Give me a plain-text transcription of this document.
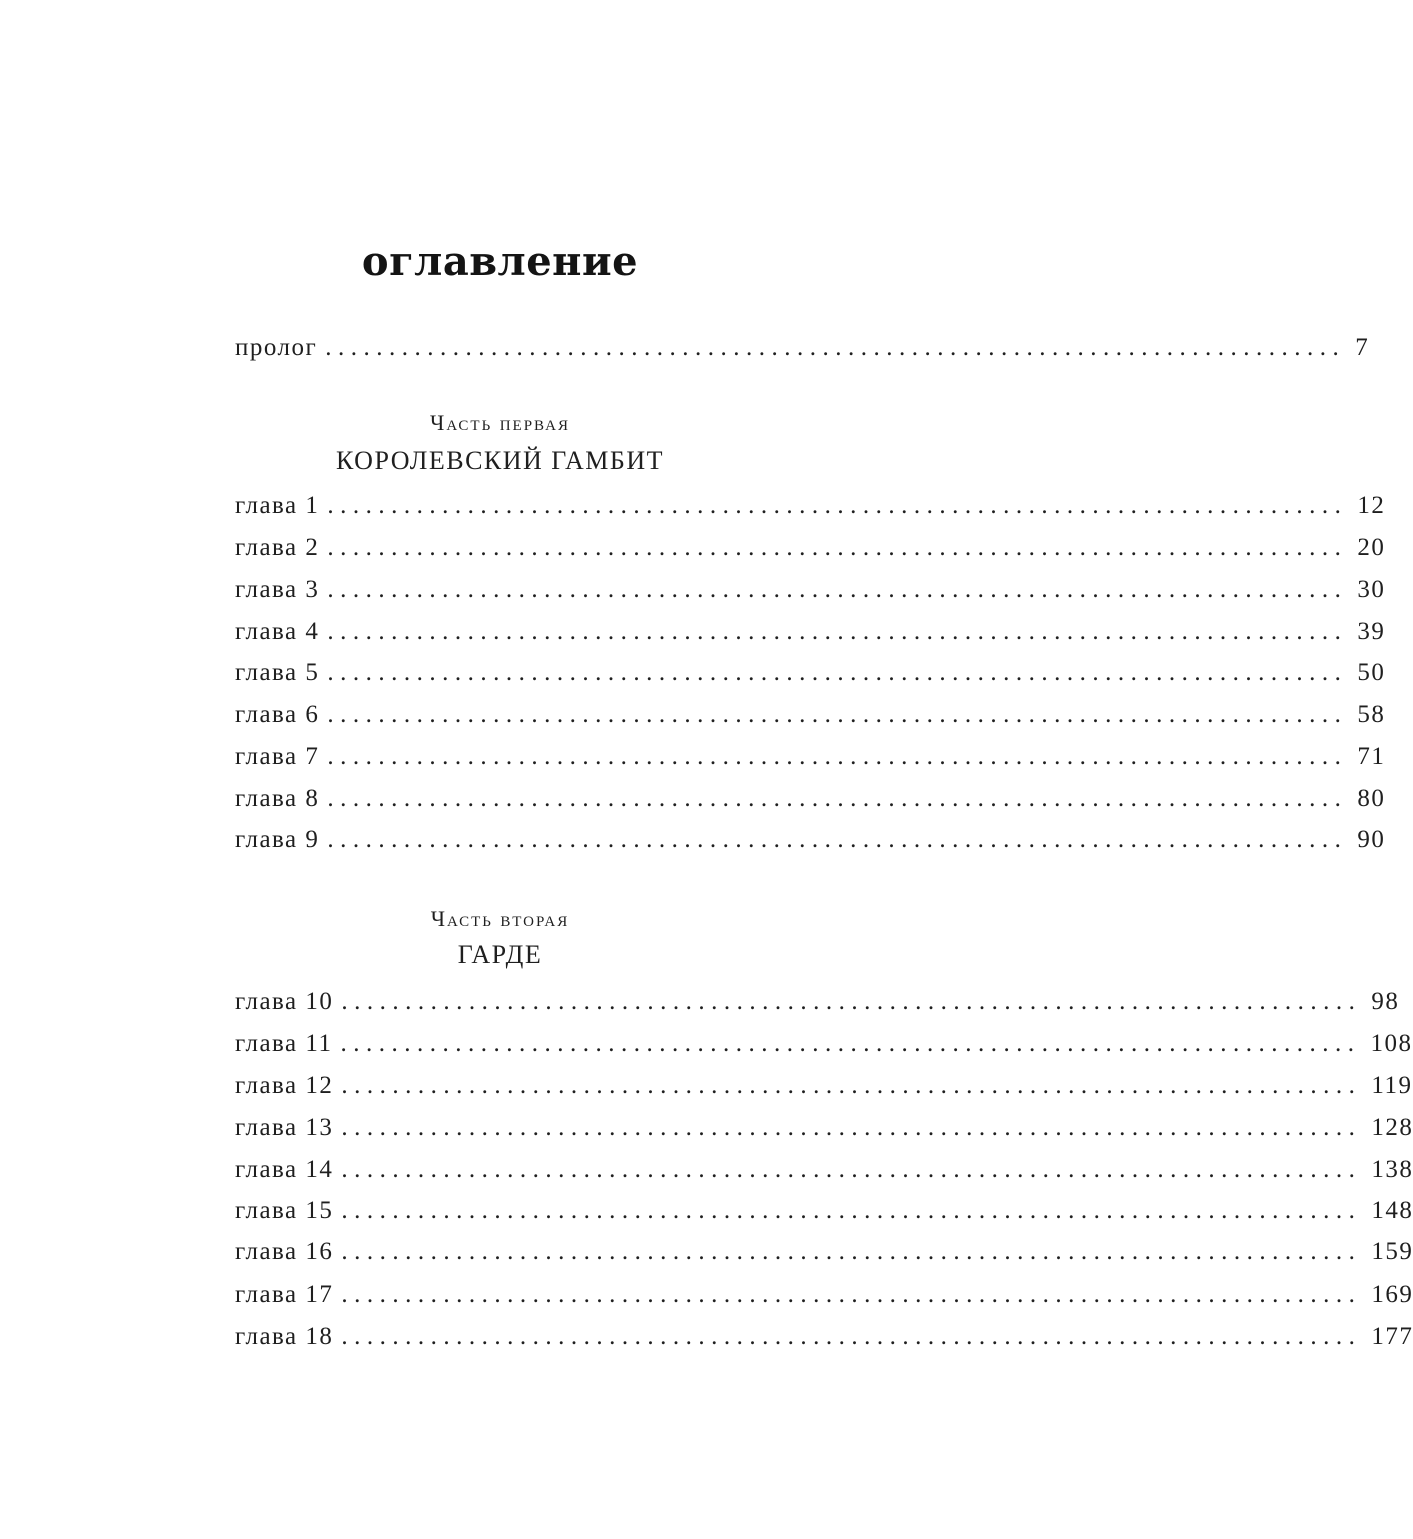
оглавление
пролог ................................................................................ 7
Часть первая
КОРОЛЕВСКИЙ ГАМБИТ
глава 1 ................................................................................ 12
глава 2 ................................................................................ 20
глава 3 ................................................................................ 30
глава 4 ................................................................................ 39
глава 5 ................................................................................ 50
глава 6 ................................................................................ 58
глава 7 ................................................................................ 71
глава 8 ................................................................................ 80
глава 9 ................................................................................ 90
Часть вторая
ГАРДЕ
глава 10 ................................................................................ 98
глава 11 ................................................................................ 108
глава 12 ................................................................................ 119
глава 13 ................................................................................ 128
глава 14 ................................................................................ 138
глава 15 ................................................................................ 148
глава 16 ................................................................................ 159
глава 17 ................................................................................ 169
глава 18 ................................................................................ 177
